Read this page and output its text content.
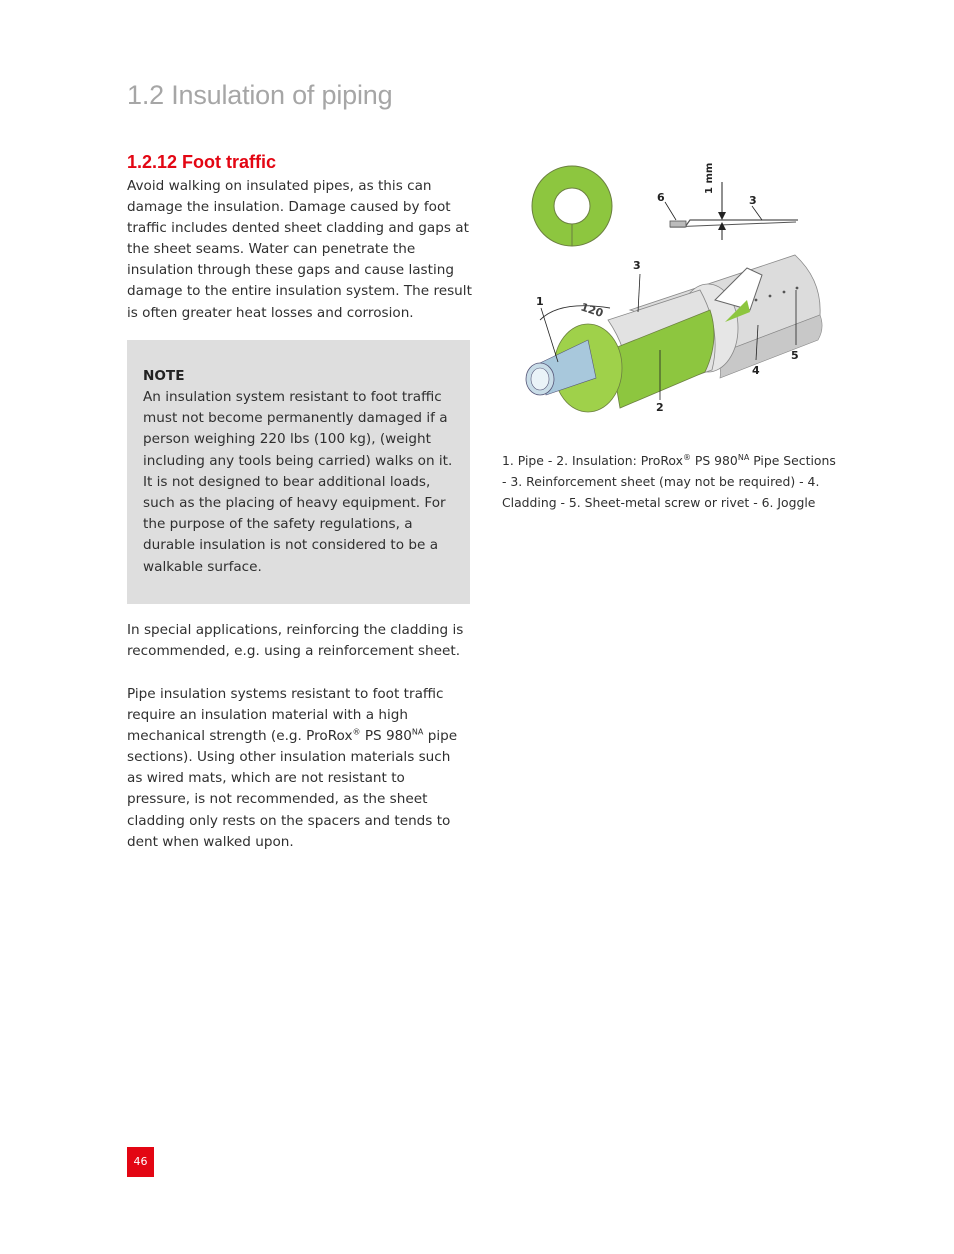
1.2 Insulation of piping
1.2.12 Foot traffic

Avoid walking on insulated pipes, as this can damage the insulation. Damage caused by foot traffic includes dented sheet cladding and gaps at the sheet seams. Water can penetrate the insulation through these gaps and cause lasting damage to the entire insulation system. The result is often greater heat losses and corrosion.

NOTE

An insulation system resistant to foot traffic must not become permanently damaged if a person weighing 220 lbs (100 kg), (weight including any tools being carried) walks on it. It is not designed to bear additional loads, such as the placing of heavy equipment. For the purpose of the safety regulations, a durable insulation is not considered to be a walkable surface.

In special applications, reinforcing the cladding is recommended, e.g. using a reinforcement sheet.

Pipe insulation systems resistant to foot traffic require an insulation material with a high mechanical strength (e.g. ProRox® PS $980^{NA}$ pipe sections). Using other insulation materials such as wired mats, which are not resistant to pressure, is not recommended, as the sheet cladding only rests on the spacers and tends to dent when walked upon.

1 mm
6	3
3
1	120
2
4
5

1. Pipe - 2. Insulation: ProRox® PS $980^{NA}$ Pipe Sections - 3. Reinforcement sheet (may not be required) - 4. Cladding - 5. Sheet-metal screw or rivet - 6. Joggle

46
